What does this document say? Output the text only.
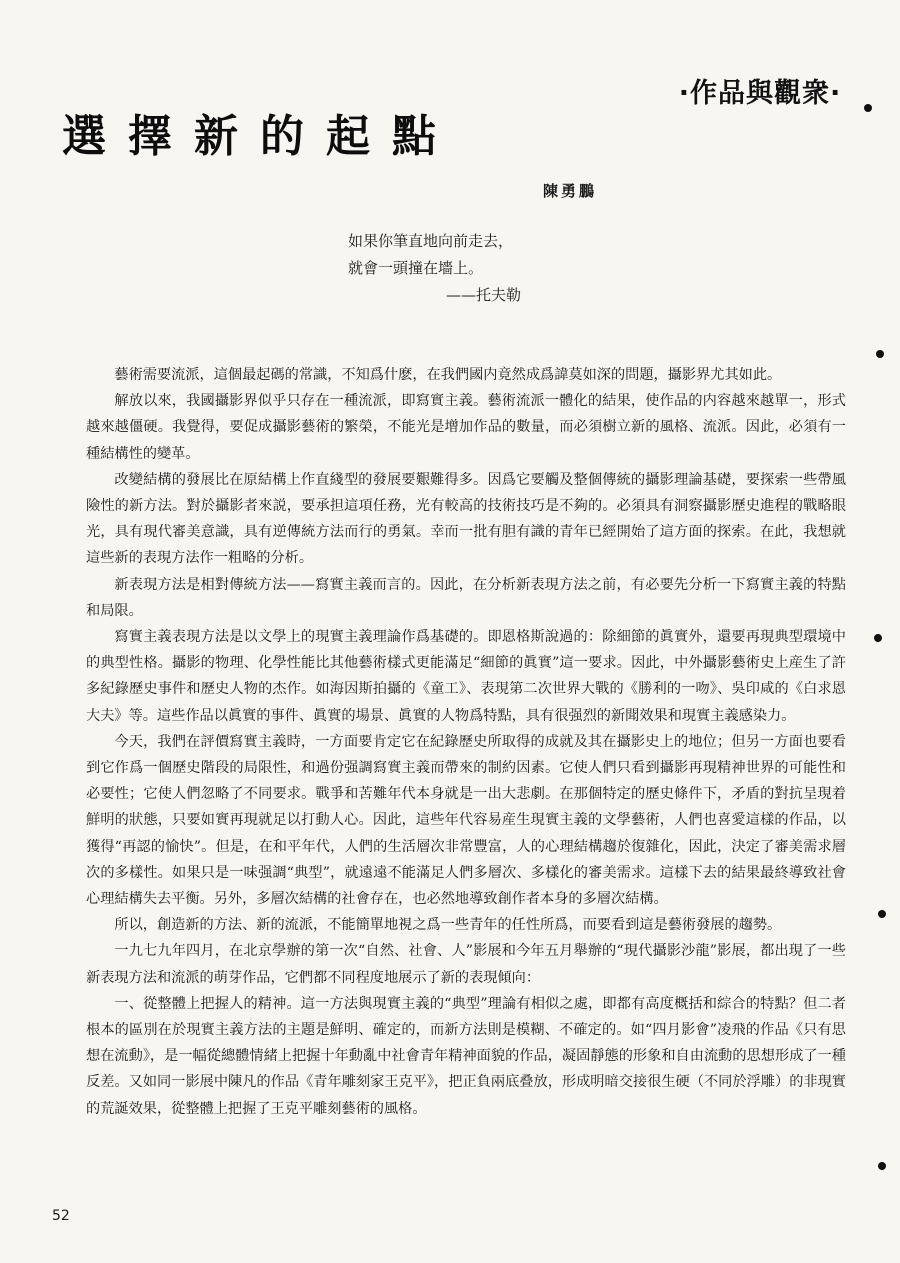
·作品與觀衆·
選擇新的起點
陳勇鵬
如果你筆直地向前走去，
就會一頭撞在墻上。
——托夫勒

藝術需要流派，這個最起碼的常識，不知爲什麽，在我們國内竟然成爲諱莫如深的問題，攝影界尤其如此。

解放以來，我國攝影界似乎只存在一種流派，即寫實主義。藝術流派一體化的結果，使作品的内容越來越單一，形式越來越僵硬。我覺得，要促成攝影藝術的繁榮，不能光是增加作品的數量，而必須樹立新的風格、流派。因此，必須有一種結構性的變革。

改變結構的發展比在原結構上作直綫型的發展要艱難得多。因爲它要觸及整個傳統的攝影理論基礎，要探索一些帶風險性的新方法。對於攝影者來説，要承担這項任務，光有較高的技術技巧是不夠的。必須具有洞察攝影歷史進程的戰略眼光，具有現代審美意識，具有逆傳統方法而行的勇氣。幸而一批有胆有識的青年已經開始了這方面的探索。在此，我想就這些新的表現方法作一粗略的分析。

新表現方法是相對傳統方法——寫實主義而言的。因此，在分析新表現方法之前，有必要先分析一下寫實主義的特點和局限。

寫實主義表現方法是以文學上的現實主義理論作爲基礎的。即恩格斯說過的：除細節的眞實外，還要再現典型環境中的典型性格。攝影的物理、化學性能比其他藝術樣式更能滿足“細節的眞實”這一要求。因此，中外攝影藝術史上産生了許多紀錄歷史事件和歷史人物的杰作。如海因斯拍攝的《童工》、表現第二次世界大戰的《勝利的一吻》、吳印咸的《白求恩大夫》等。這些作品以眞實的事件、眞實的場景、眞實的人物爲特點，具有很强烈的新聞效果和現實主義感染力。

今天，我們在評價寫實主義時，一方面要肯定它在紀錄歷史所取得的成就及其在攝影史上的地位；但另一方面也要看到它作爲一個歷史階段的局限性，和過份强調寫實主義而帶來的制約因素。它使人們只看到攝影再現精神世界的可能性和必要性；它使人們忽略了不同要求。戰爭和苦難年代本身就是一出大悲劇。在那個特定的歷史條件下，矛盾的對抗呈現着鮮明的狀態，只要如實再現就足以打動人心。因此，這些年代容易産生現實主義的文學藝術，人們也喜愛這樣的作品，以獲得“再認的愉快”。但是，在和平年代，人們的生活層次非常豐富，人的心理結構趨於復雜化，因此，決定了審美需求層次的多樣性。如果只是一味强調“典型”，就遠遠不能滿足人們多層次、多樣化的審美需求。這樣下去的結果最終導致社會心理結構失去平衡。另外，多層次結構的社會存在，也必然地導致創作者本身的多層次結構。

所以，創造新的方法、新的流派，不能簡單地視之爲一些青年的任性所爲，而要看到這是藝術發展的趨勢。

一九七九年四月，在北京學辦的第一次“自然、社會、人”影展和今年五月舉辦的“現代攝影沙龍”影展，都出現了一些新表現方法和流派的萌芽作品，它們都不同程度地展示了新的表現傾向：

一、從整體上把握人的精神。這一方法與現實主義的“典型”理論有相似之處，即都有高度概括和綜合的特點？但二者根本的區別在於現實主義方法的主題是鮮明、確定的，而新方法則是模糊、不確定的。如“四月影會”凌飛的作品《只有思想在流動》，是一幅從總體情緒上把握十年動亂中社會青年精神面貌的作品，凝固靜態的形象和自由流動的思想形成了一種反差。又如同一影展中陳凡的作品《青年雕刻家王克平》，把正負兩底叠放，形成明暗交接很生硬（不同於浮雕）的非現實的荒誕效果，從整體上把握了王克平雕刻藝術的風格。

52
